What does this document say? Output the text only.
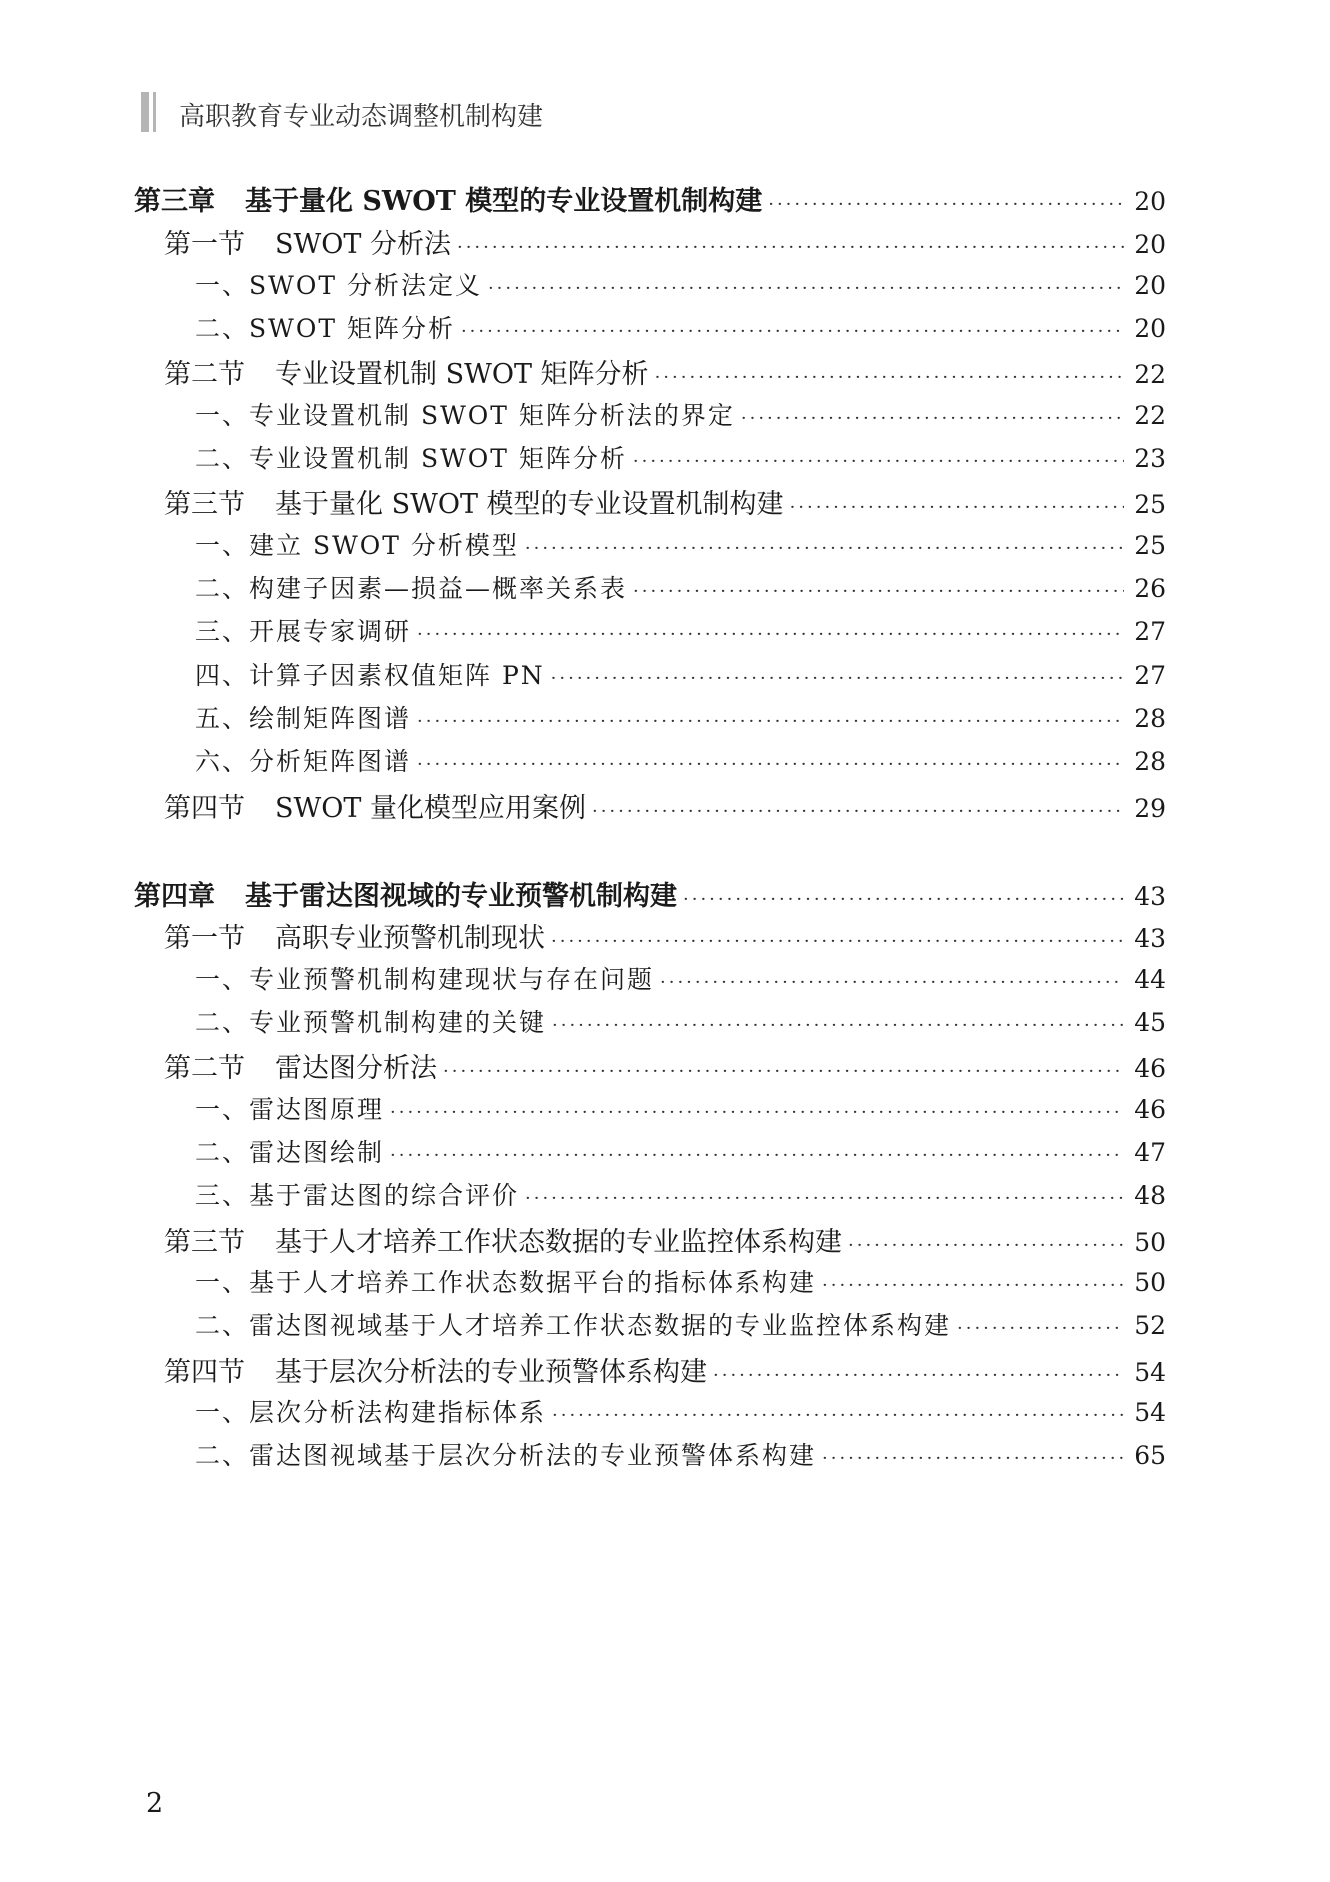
高职教育专业动态调整机制构建
第三章 基于量化 SWOT 模型的专业设置机制构建 ·····	20
第一节 SWOT 分析法 ·····	20
一、SWOT 分析法定义 ·····	20
二、SWOT 矩阵分析 ·····	20
第二节 专业设置机制 SWOT 矩阵分析 ·····	22
一、专业设置机制 SWOT 矩阵分析法的界定 ·····	22
二、专业设置机制 SWOT 矩阵分析 ·····	23
第三节 基于量化 SWOT 模型的专业设置机制构建 ·····	25
一、建立 SWOT 分析模型 ·····	25
二、构建子因素—损益—概率关系表 ·····	26
三、开展专家调研 ·····	27
四、计算子因素权值矩阵 PN ·····	27
五、绘制矩阵图谱 ·····	28
六、分析矩阵图谱 ·····	28
第四节 SWOT 量化模型应用案例 ·····	29
第四章 基于雷达图视域的专业预警机制构建 ·····	43
第一节 高职专业预警机制现状 ·····	43
一、专业预警机制构建现状与存在问题 ·····	44
二、专业预警机制构建的关键 ·····	45
第二节 雷达图分析法 ·····	46
一、雷达图原理 ·····	46
二、雷达图绘制 ·····	47
三、基于雷达图的综合评价 ·····	48
第三节 基于人才培养工作状态数据的专业监控体系构建 ·····	50
一、基于人才培养工作状态数据平台的指标体系构建 ·····	50
二、雷达图视域基于人才培养工作状态数据的专业监控体系构建 ·····	52
第四节 基于层次分析法的专业预警体系构建 ·····	54
一、层次分析法构建指标体系 ·····	54
二、雷达图视域基于层次分析法的专业预警体系构建 ·····	65
2
